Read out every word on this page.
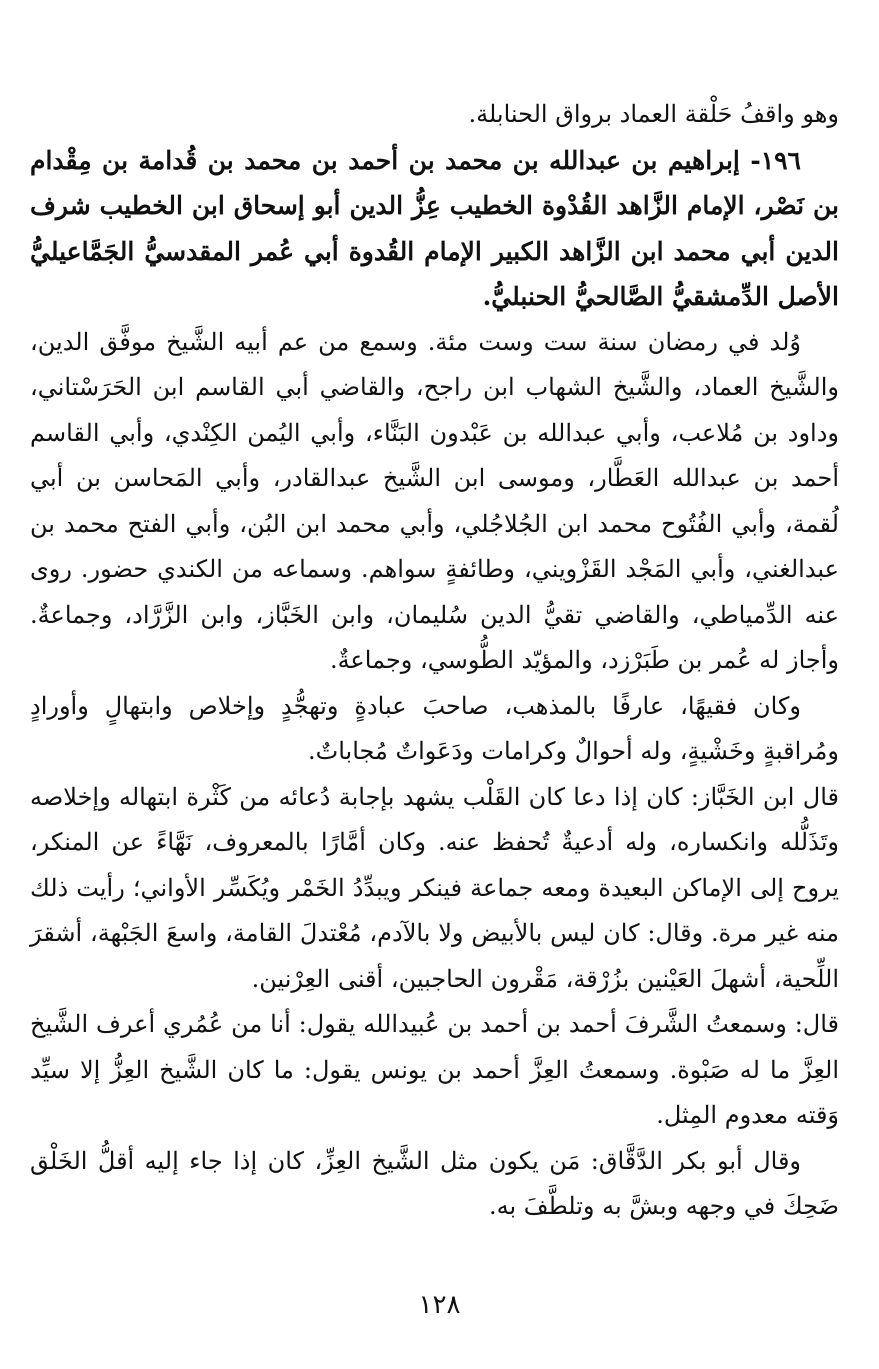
وهو واقفُ حَلْقة العماد برواق الحنابلة.

١٩٦- إبراهيم بن عبدالله بن محمد بن أحمد بن محمد بن قُدامة بن مِقْدام بن نَصْر، الإمام الزَّاهد القُدْوة الخطيب عِزُّ الدين أبو إسحاق ابن الخطيب شرف الدين أبي محمد ابن الزَّاهد الكبير الإمام القُدوة أبي عُمر المقدسيُّ الجَمَّاعيليُّ الأصل الدِّمشقيُّ الصَّالحيُّ الحنبليُّ.

وُلد في رمضان سنة ست وست مئة. وسمع من عم أبيه الشَّيخ موفَّق الدين، والشَّيخ العماد، والشَّيخ الشهاب ابن راجح، والقاضي أبي القاسم ابن الحَرَسْتاني، وداود بن مُلاعب، وأبي عبدالله بن عَبْدون البَنَّاء، وأبي اليُمن الكِنْدي، وأبي القاسم أحمد بن عبدالله العَطَّار، وموسى ابن الشَّيخ عبدالقادر، وأبي المَحاسن بن أبي لُقمة، وأبي الفُتُوح محمد ابن الجُلاجُلي، وأبي محمد ابن البُن، وأبي الفتح محمد بن عبدالغني، وأبي المَجْد القَزْويني، وطائفةٍ سواهم. وسماعه من الكندي حضور. روى عنه الدِّمياطي، والقاضي تقيُّ الدين سُليمان، وابن الخَبَّاز، وابن الزَّرَّاد، وجماعةٌ. وأجاز له عُمر بن طَبَرْزد، والمؤيّد الطُّوسي، وجماعةٌ.

وكان فقيهًا، عارفًا بالمذهب، صاحبَ عبادةٍ وتهجُّدٍ وإخلاص وابتهالٍ وأورادٍ ومُراقبةٍ وخَشْيةٍ، وله أحوالٌ وكرامات ودَعَواتٌ مُجاباتٌ.

قال ابن الخَبَّاز: كان إذا دعا كان القَلْب يشهد بإجابة دُعائه من كَثْرة ابتهاله وإخلاصه وتَذَلُّله وانكساره، وله أدعيةٌ تُحفظ عنه. وكان أمَّارًا بالمعروف، نَهَّاءً عن المنكر، يروح إلى الإماكن البعيدة ومعه جماعة فينكر ويبدِّدُ الخَمْر ويُكَسِّر الأواني؛ رأيت ذلك منه غير مرة. وقال: كان ليس بالأبيض ولا بالآدم، مُعْتدلَ القامة، واسعَ الجَبْهة، أشقرَ اللِّحية، أشهلَ العَيْنين بزُرْقة، مَقْرون الحاجبين، أقنى العِرْنين.

قال: وسمعتُ الشَّرفَ أحمد بن أحمد بن عُبيدالله يقول: أنا من عُمُري أعرف الشَّيخ العِزَّ ما له صَبْوة. وسمعتُ العِزَّ أحمد بن يونس يقول: ما كان الشَّيخ العِزُّ إلا سيِّد وَقته معدوم المِثل.

وقال أبو بكر الدَّقَّاق: مَن يكون مثل الشَّيخ العِزِّ، كان إذا جاء إليه أقلُّ الخَلْق ضَحِكَ في وجهه وبشَّ به وتلطَّفَ به.

١٢٨
